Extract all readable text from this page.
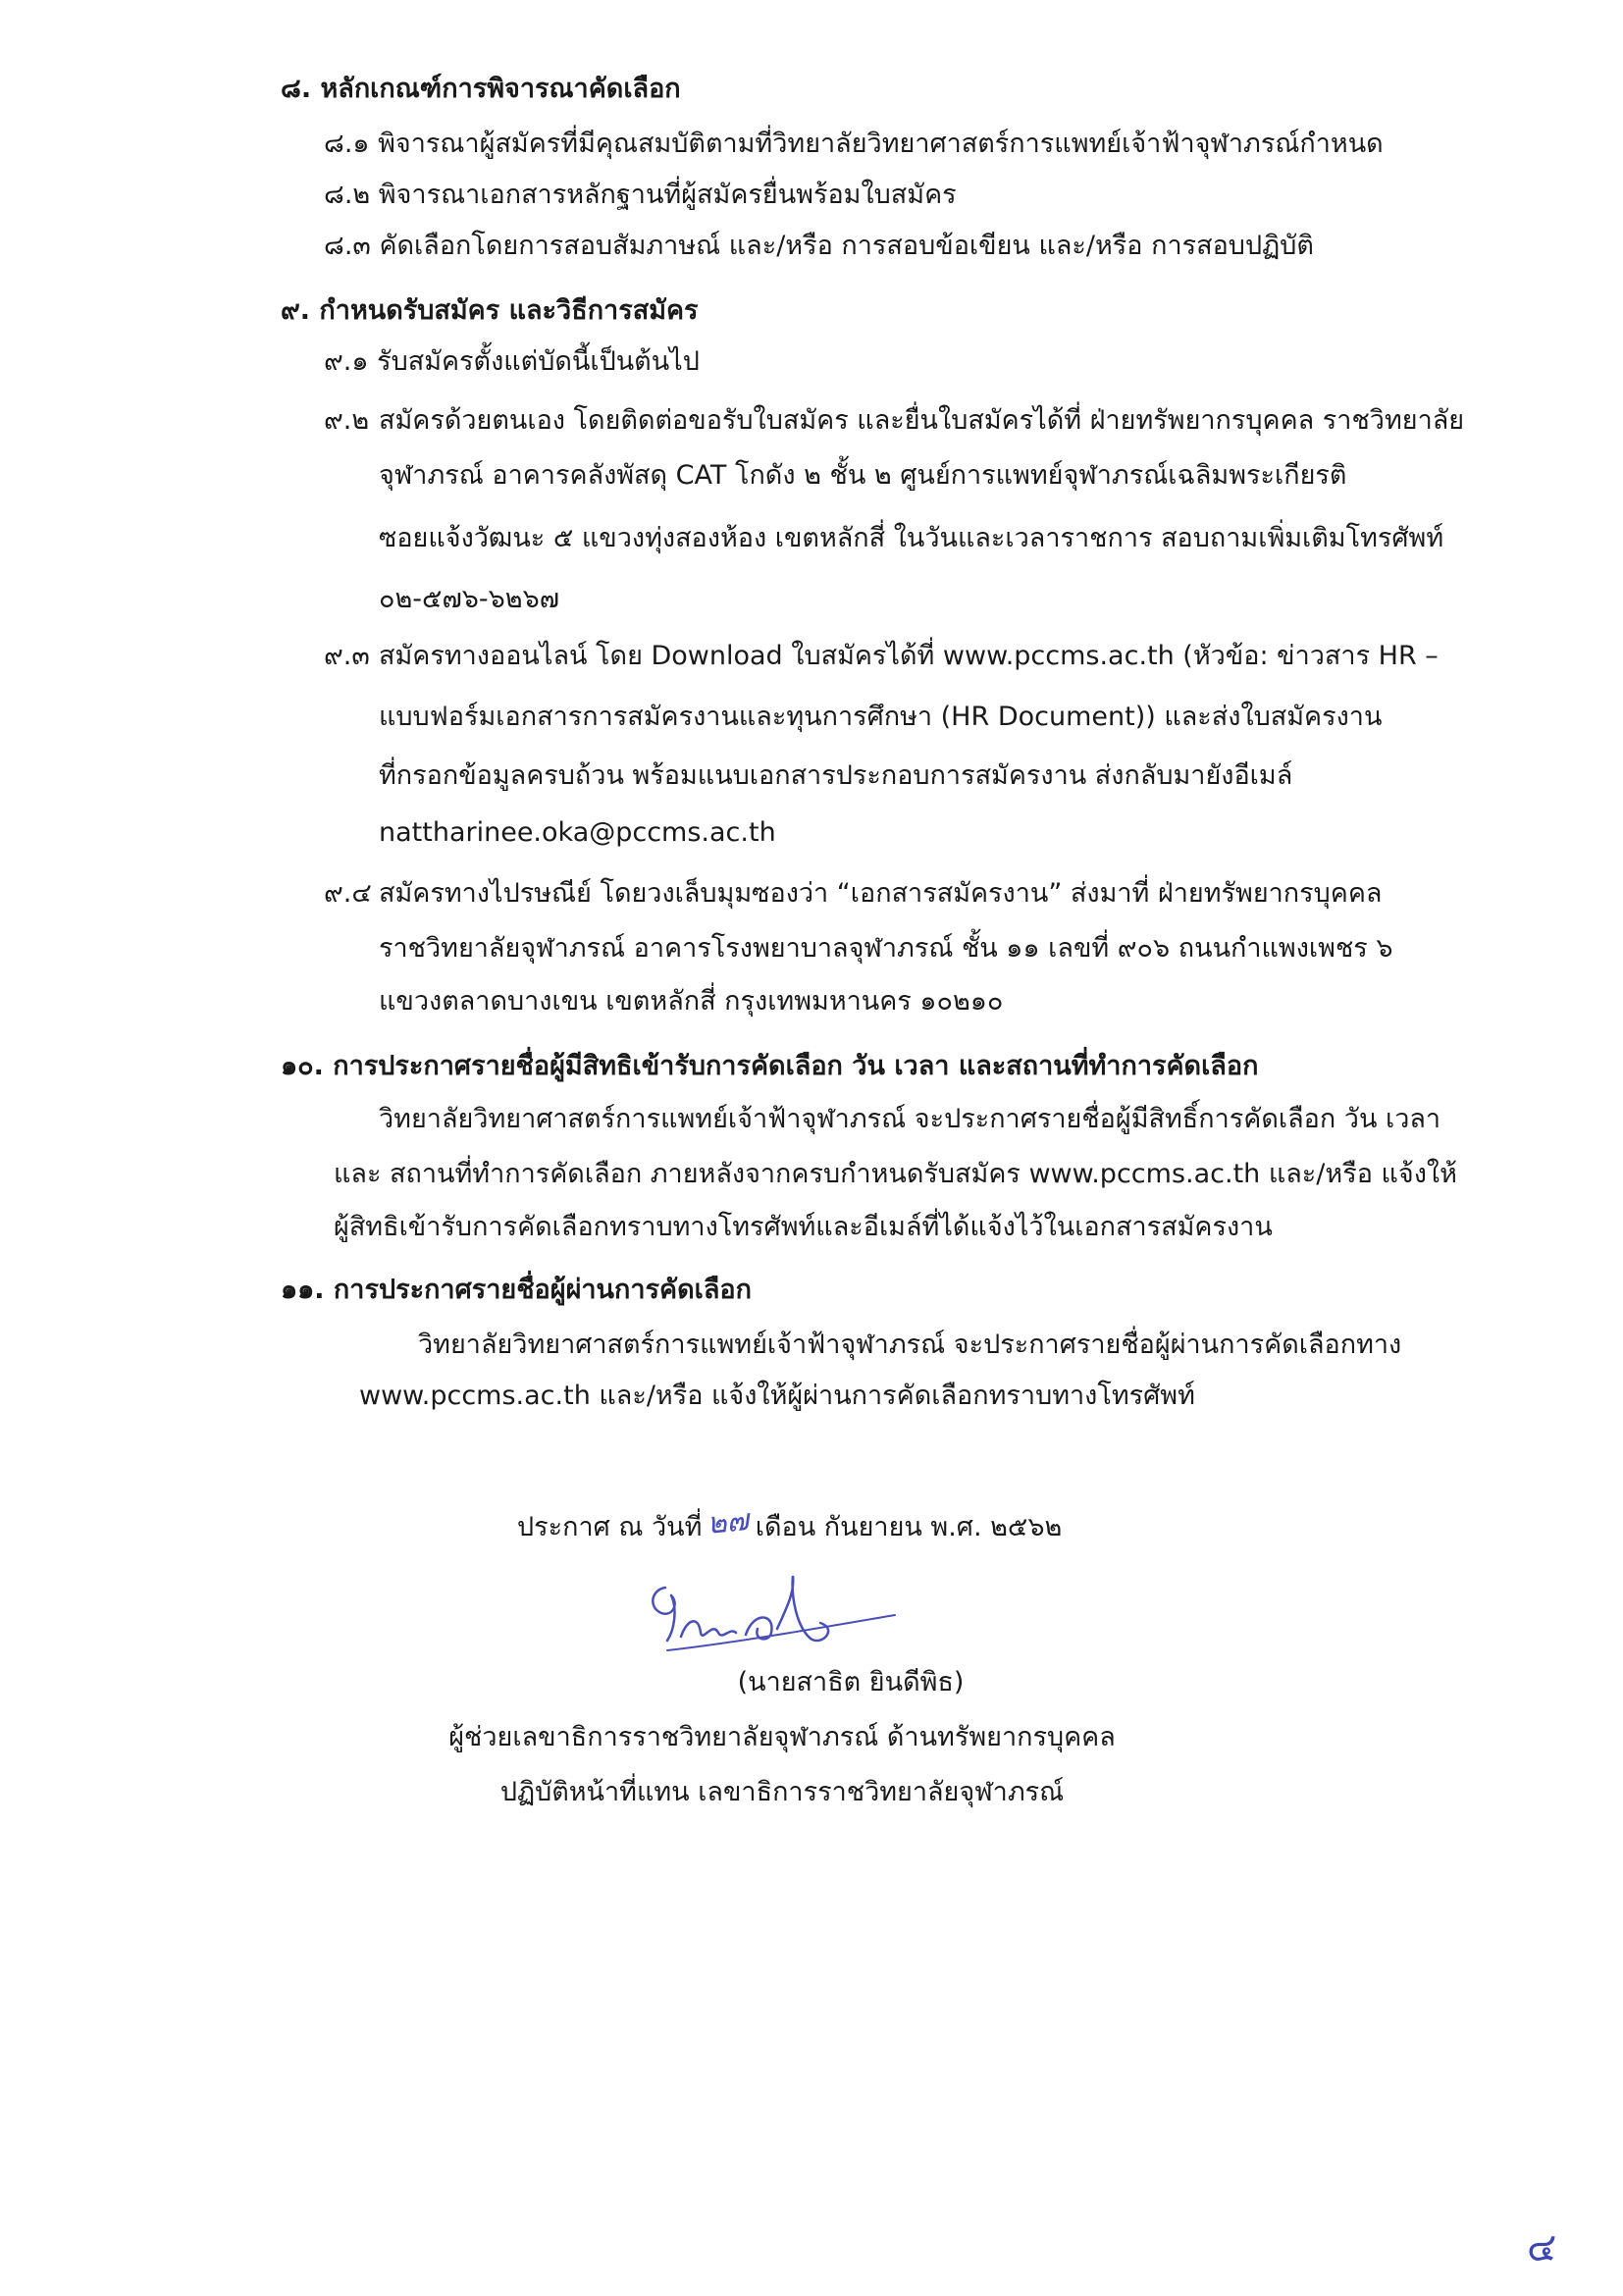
๘. หลักเกณฑ์การพิจารณาคัดเลือก
๘.๑ พิจารณาผู้สมัครที่มีคุณสมบัติตามที่วิทยาลัยวิทยาศาสตร์การแพทย์เจ้าฟ้าจุฬาภรณ์กำหนด
๘.๒ พิจารณาเอกสารหลักฐานที่ผู้สมัครยื่นพร้อมใบสมัคร
๘.๓ คัดเลือกโดยการสอบสัมภาษณ์ และ/หรือ การสอบข้อเขียน และ/หรือ การสอบปฏิบัติ
๙. กำหนดรับสมัคร และวิธีการสมัคร
๙.๑ รับสมัครตั้งแต่บัดนี้เป็นต้นไป
๙.๒ สมัครด้วยตนเอง โดยติดต่อขอรับใบสมัคร และยื่นใบสมัครได้ที่ ฝ่ายทรัพยากรบุคคล ราชวิทยาลัย
จุฬาภรณ์ อาคารคลังพัสดุ CAT โกดัง ๒ ชั้น ๒ ศูนย์การแพทย์จุฬาภรณ์เฉลิมพระเกียรติ
ซอยแจ้งวัฒนะ ๕ แขวงทุ่งสองห้อง เขตหลักสี่ ในวันและเวลาราชการ สอบถามเพิ่มเติมโทรศัพท์
๐๒-๕๗๖-๖๒๖๗
๙.๓ สมัครทางออนไลน์ โดย Download ใบสมัครได้ที่ www.pccms.ac.th (หัวข้อ: ข่าวสาร HR –
แบบฟอร์มเอกสารการสมัครงานและทุนการศึกษา (HR Document)) และส่งใบสมัครงาน
ที่กรอกข้อมูลครบถ้วน พร้อมแนบเอกสารประกอบการสมัครงาน ส่งกลับมายังอีเมล์
nattharinee.oka@pccms.ac.th
๙.๔ สมัครทางไปรษณีย์ โดยวงเล็บมุมซองว่า “เอกสารสมัครงาน” ส่งมาที่ ฝ่ายทรัพยากรบุคคล
ราชวิทยาลัยจุฬาภรณ์ อาคารโรงพยาบาลจุฬาภรณ์ ชั้น ๑๑ เลขที่ ๙๐๖ ถนนกำแพงเพชร ๖
แขวงตลาดบางเขน เขตหลักสี่ กรุงเทพมหานคร ๑๐๒๑๐
๑๐. การประกาศรายชื่อผู้มีสิทธิเข้ารับการคัดเลือก วัน เวลา และสถานที่ทำการคัดเลือก
วิทยาลัยวิทยาศาสตร์การแพทย์เจ้าฟ้าจุฬาภรณ์ จะประกาศรายชื่อผู้มีสิทธิ์การคัดเลือก วัน เวลา
และ สถานที่ทำการคัดเลือก ภายหลังจากครบกำหนดรับสมัคร www.pccms.ac.th และ/หรือ แจ้งให้
ผู้สิทธิเข้ารับการคัดเลือกทราบทางโทรศัพท์และอีเมล์ที่ได้แจ้งไว้ในเอกสารสมัครงาน
๑๑. การประกาศรายชื่อผู้ผ่านการคัดเลือก
วิทยาลัยวิทยาศาสตร์การแพทย์เจ้าฟ้าจุฬาภรณ์ จะประกาศรายชื่อผู้ผ่านการคัดเลือกทาง
www.pccms.ac.th และ/หรือ แจ้งให้ผู้ผ่านการคัดเลือกทราบทางโทรศัพท์
ประกาศ ณ วันที่ ๒๗ เดือน กันยายน พ.ศ. ๒๕๖๒
(นายสาธิต ยินดีพิธ)
ผู้ช่วยเลขาธิการราชวิทยาลัยจุฬาภรณ์ ด้านทรัพยากรบุคคล
ปฏิบัติหน้าที่แทน เลขาธิการราชวิทยาลัยจุฬาภรณ์
๔
